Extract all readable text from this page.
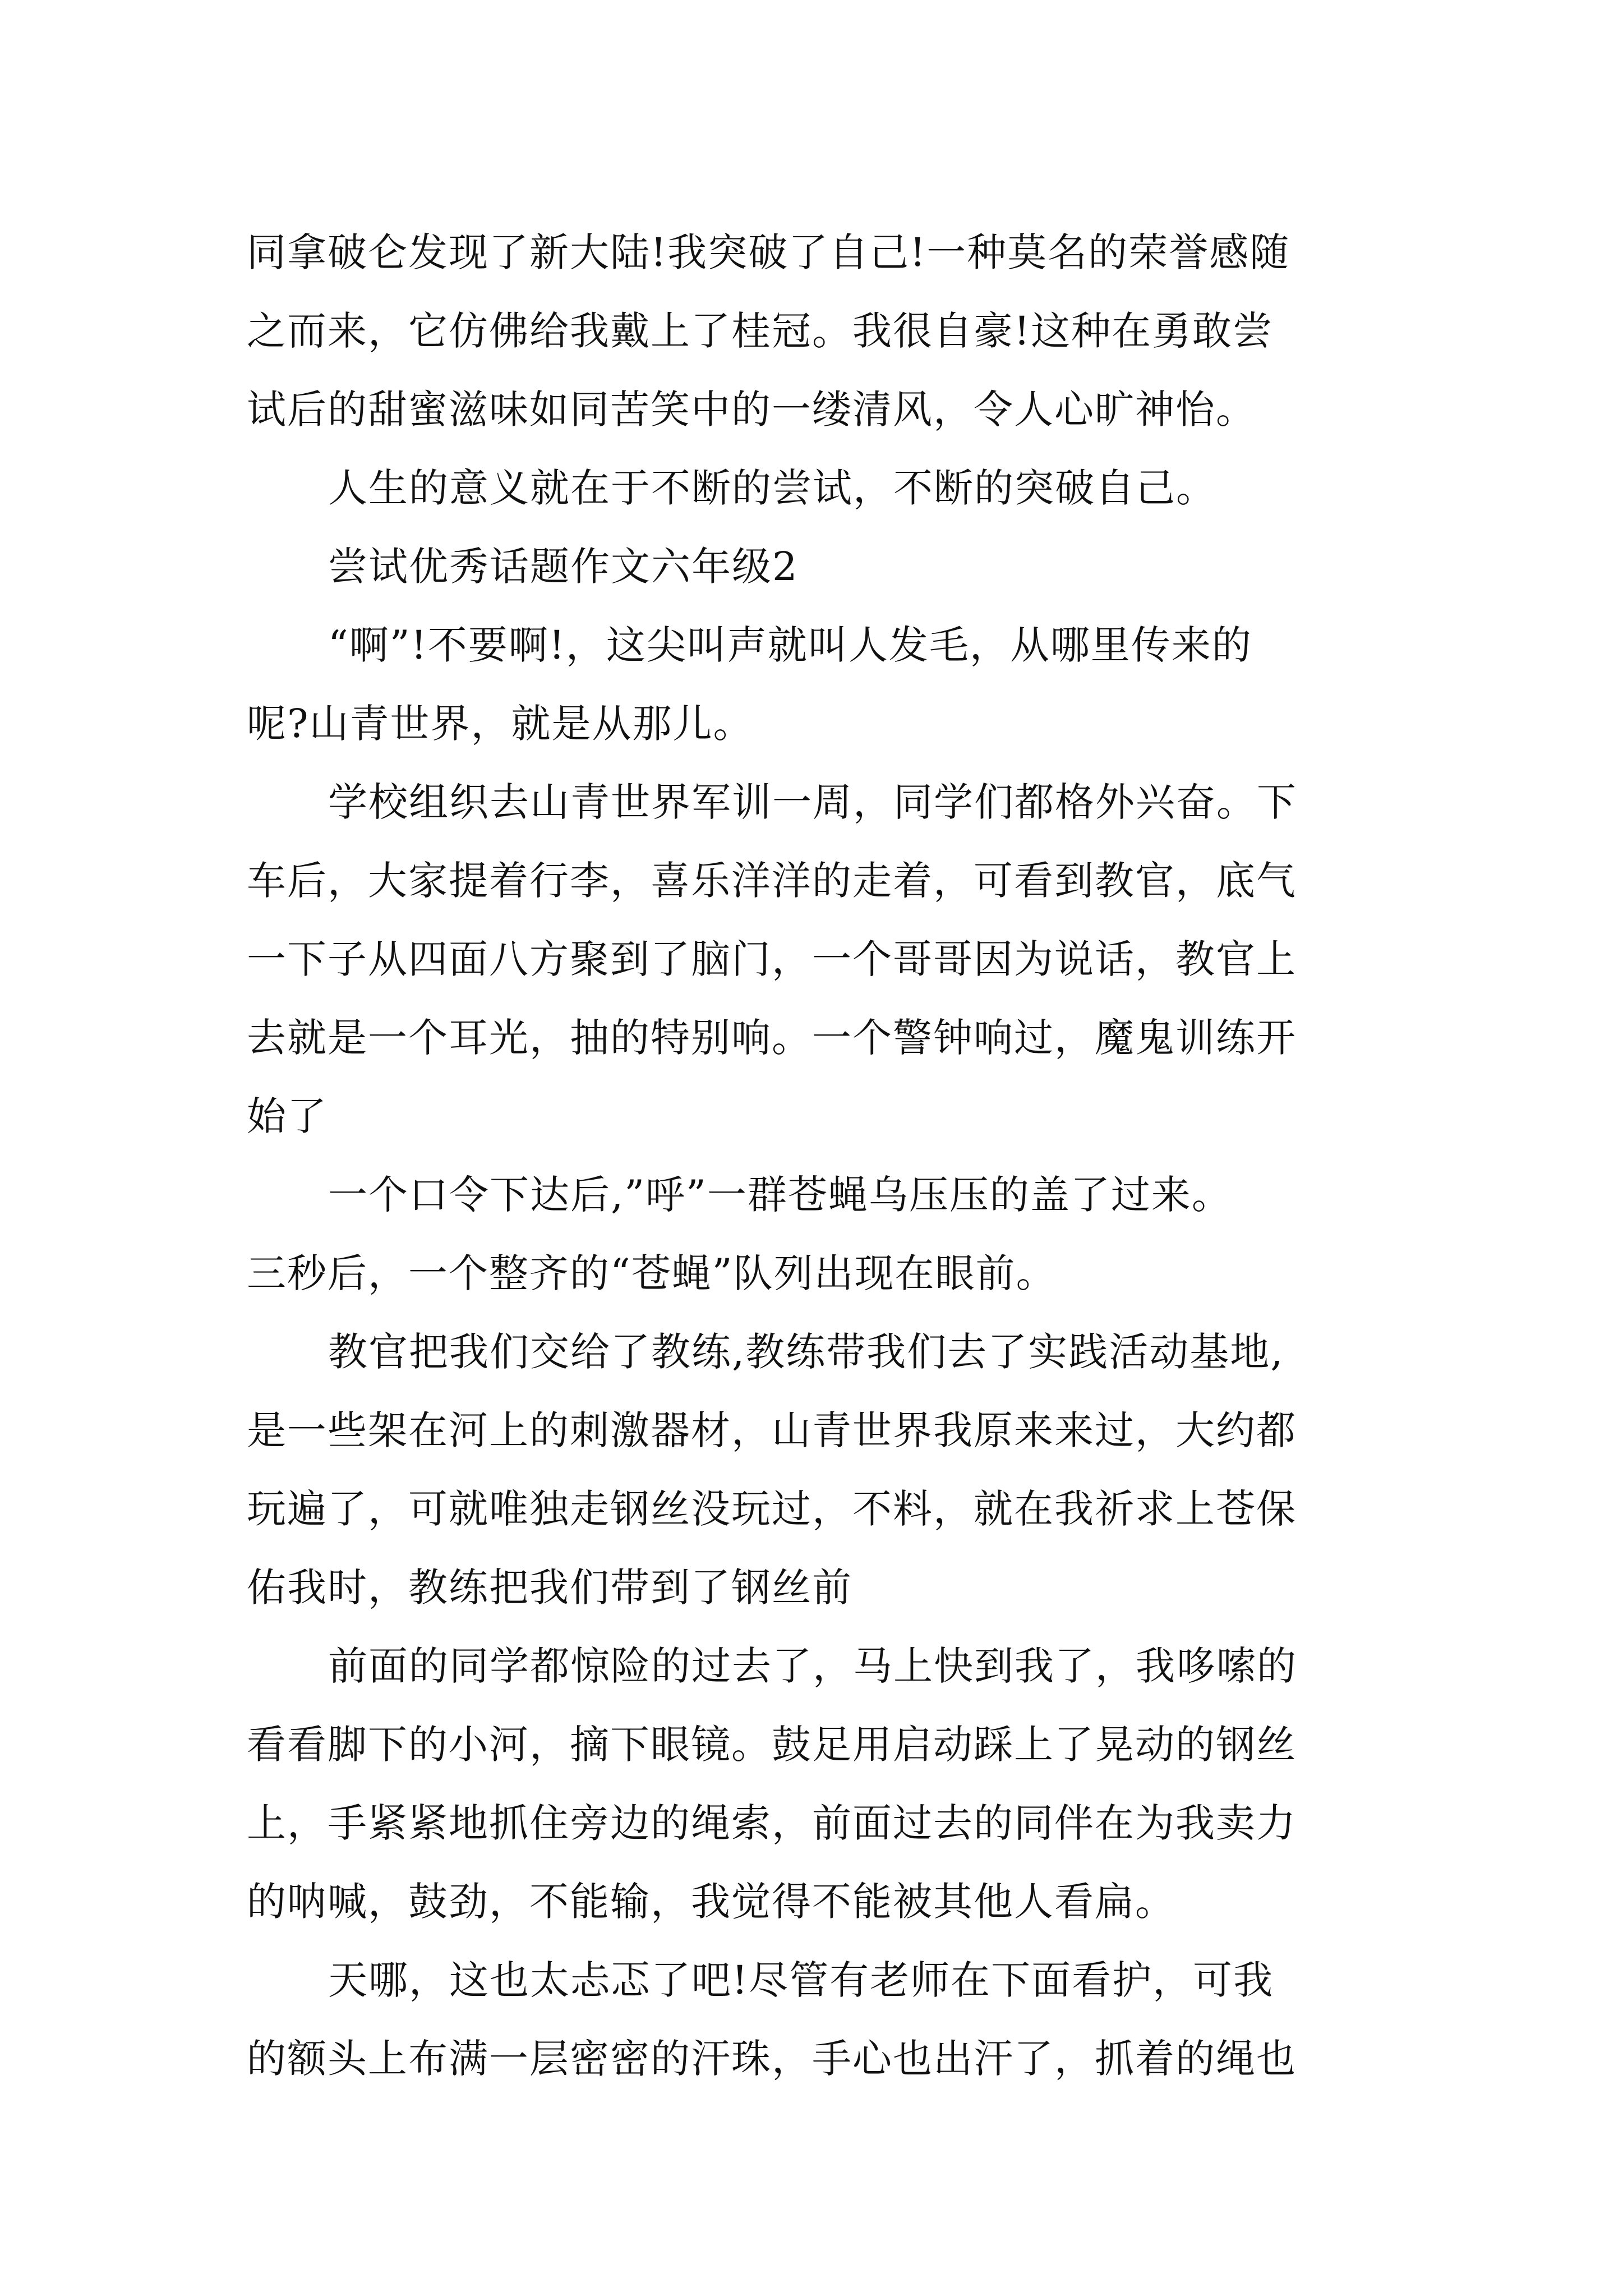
同拿破仑发现了新大陆!我突破了自己!一种莫名的荣誉感随
之而来，它仿佛给我戴上了桂冠。我很自豪!这种在勇敢尝
试后的甜蜜滋味如同苦笑中的一缕清风，令人心旷神怡。
人生的意义就在于不断的尝试，不断的突破自己。
尝试优秀话题作文六年级2
“啊”!不要啊!，这尖叫声就叫人发毛，从哪里传来的
呢?山青世界，就是从那儿。
学校组织去山青世界军训一周，同学们都格外兴奋。下
车后，大家提着行李，喜乐洋洋的走着，可看到教官，底气
一下子从四面八方聚到了脑门，一个哥哥因为说话，教官上
去就是一个耳光，抽的特别响。一个警钟响过，魔鬼训练开
始了
一个口令下达后,”呼”一群苍蝇乌压压的盖了过来。
三秒后，一个整齐的“苍蝇”队列出现在眼前。
教官把我们交给了教练,教练带我们去了实践活动基地,
是一些架在河上的刺激器材，山青世界我原来来过，大约都
玩遍了，可就唯独走钢丝没玩过，不料，就在我祈求上苍保
佑我时，教练把我们带到了钢丝前
前面的同学都惊险的过去了，马上快到我了，我哆嗦的
看看脚下的小河，摘下眼镜。鼓足用启动踩上了晃动的钢丝
上，手紧紧地抓住旁边的绳索，前面过去的同伴在为我卖力
的呐喊，鼓劲，不能输，我觉得不能被其他人看扁。
天哪，这也太忐忑了吧!尽管有老师在下面看护，可我
的额头上布满一层密密的汗珠，手心也出汗了，抓着的绳也
